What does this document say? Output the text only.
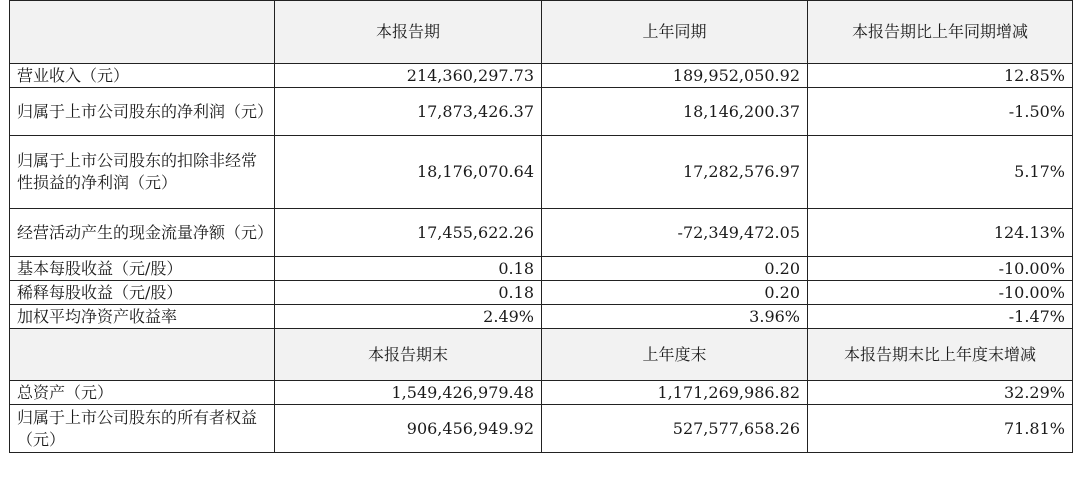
	本报告期	上年同期	本报告期比上年同期增减
营业收入（元）	214,360,297.73	189,952,050.92	12.85%
归属于上市公司股东的净利润（元）	17,873,426.37	18,146,200.37	-1.50%
归属于上市公司股东的扣除非经常性损益的净利润（元）	18,176,070.64	17,282,576.97	5.17%
经营活动产生的现金流量净额（元）	17,455,622.26	-72,349,472.05	124.13%
基本每股收益（元/股）	0.18	0.20	-10.00%
稀释每股收益（元/股）	0.18	0.20	-10.00%
加权平均净资产收益率	2.49%	3.96%	-1.47%
	本报告期末	上年度末	本报告期末比上年度末增减
总资产（元）	1,549,426,979.48	1,171,269,986.82	32.29%
归属于上市公司股东的所有者权益（元）	906,456,949.92	527,577,658.26	71.81%
